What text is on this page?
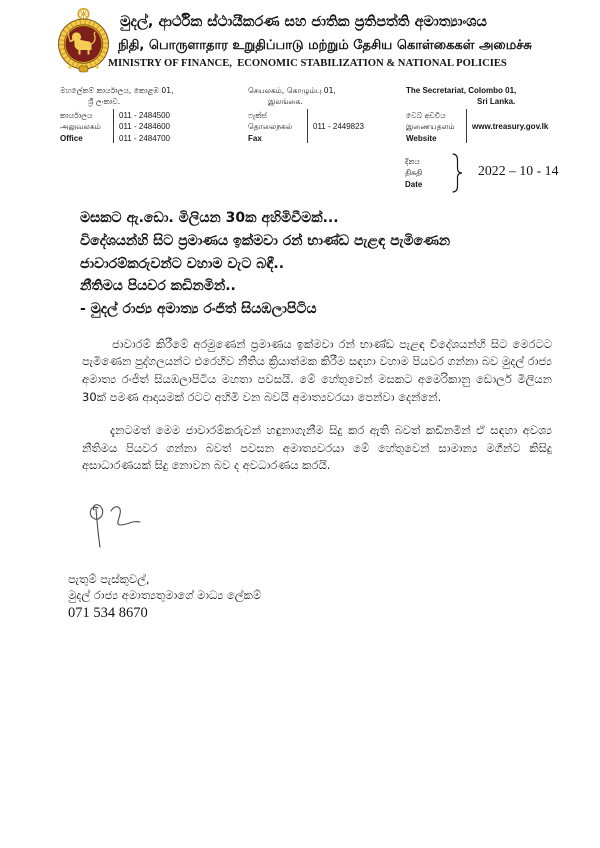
මුදල්, ආර්ථික ස්ථායීකරණ සහ ජාතික ප්‍රතිපත්ති අමාත්‍යාංශය
நிதி, பொருளாதார உறுதிப்பாடு மற்றும் தேசிய கொள்கைகள் அமைச்சு
MINISTRY OF FINANCE,  ECONOMIC STABILIZATION & NATIONAL POLICIES
මහලේකම් කාර්යාලය, කොළඹ 01,
ශ්‍රී ලංකාව.
செயலகம், கொழும்பு 01,
இலங்கை.
The Secretariat, Colombo 01,
Sri Lanka.
කාර්යාලය
அலுவலகம்
Office
011 - 2484500
011 - 2484600
011 - 2484700
ෆැක්ස්
தொலைநகல்
Fax
011 - 2449823
වෙබ් අඩවිය
இணையதளம்
Website
www.treasury.gov.lk
දිනය
திகதி
Date
2022 – 10 - 14
මසකට ඇ.ඩො. මිලියන 30ක අහිමිවීමක්...
විදේශයන්හි සිට ප්‍රමාණය ඉක්මවා රන් භාණ්ඩ පැළඳ පැමිණෙන
ජාවාරම්කරුවන්ට වහාම වැට බඳී..
නීතිමය පියවර කඩිනමින්..
- මුදල් රාජ්‍ය අමාත්‍ය රංජිත් සියඹලාපිටිය

ජාවාරම් කිරීමේ අරමුණෙන් ප්‍රමාණය ඉක්මවා රන් භාණ්ඩ පැළඳ විදේශයන්හි සිට මෙරටට පැමිණෙන පුද්ගලයන්ට එරෙහිව නීතිය ක්‍රියාත්මක කිරීම සඳහා වහාම පියවර ගන්නා බව මුදල් රාජ්‍ය අමාත්‍ය රංජිත් සියඹලාපිටිය මහතා පවසයි. මේ හේතුවෙන් මසකට අමෙරිකානු ඩොලර් මිලියන 30ක් පමණ ආදායමක් රටට අහිමි වන බවයි අමාත්‍යවරයා පෙන්වා දෙන්නේ.

දැනටමත් මෙම ජාවාරම්කරුවන් හඳුනාගැනීම සිදු කර ඇති බවත් කඩිනමින් ඒ සඳහා අවශ්‍ය නීතිමය පියවර ගන්නා බවත් පවසන අමාත්‍යවරයා මේ හේතුවෙන් සාමාන්‍ය මගීන්ට කිසිදු අසාධාරණයක් සිදු නොවන බව ද අවධාරණය කරයි.

පැතුම් පැස්කුවල්,
මුදල් රාජ්‍ය අමාත්‍යතුමාගේ මාධ්‍ය ලේකම්
071 534 8670
